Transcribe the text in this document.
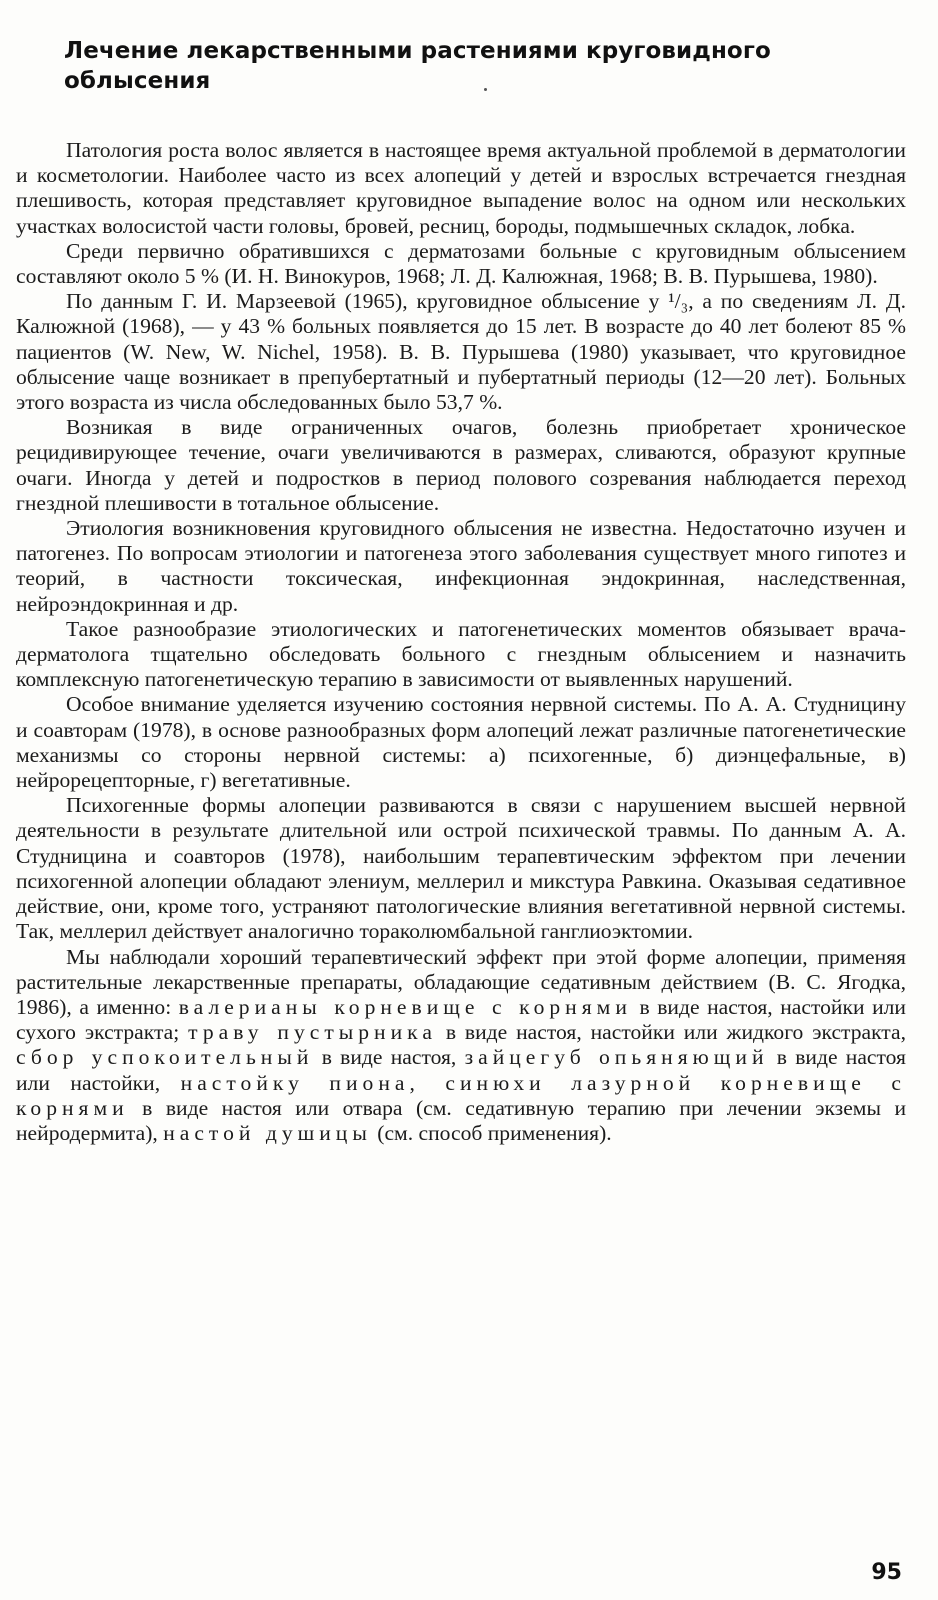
Лечение лекарственными растениями круговидного облысения

Патология роста волос является в настоящее время актуальной проблемой в дерматологии и косметологии. Наиболее часто из всех алопеций у детей и взрослых встречается гнездная плешивость, которая представляет круговидное выпадение волос на одном или нескольких участках волосистой части головы, бровей, ресниц, бороды, подмышечных складок, лобка.

Среди первично обратившихся с дерматозами больные с круговидным облысением составляют около 5 % (И. Н. Винокуров, 1968; Л. Д. Калюжная, 1968; В. В. Пурышева, 1980).

По данным Г. И. Марзеевой (1965), круговидное облысение у ¹/₃, а по сведениям Л. Д. Калюжной (1968), — у 43 % больных появляется до 15 лет. В возрасте до 40 лет болеют 85 % пациентов (W. New, W. Nichel, 1958). В. В. Пурышева (1980) указывает, что круговидное облысение чаще возникает в препубертатный и пубертатный периоды (12—20 лет). Больных этого возраста из числа обследованных было 53,7 %.

Возникая в виде ограниченных очагов, болезнь приобретает хроническое рецидивирующее течение, очаги увеличиваются в размерах, сливаются, образуют крупные очаги. Иногда у детей и подростков в период полового созревания наблюдается переход гнездной плешивости в тотальное облысение.

Этиология возникновения круговидного облысения не известна. Недостаточно изучен и патогенез. По вопросам этиологии и патогенеза этого заболевания существует много гипотез и теорий, в частности токсическая, инфекционная эндокринная, наследственная, нейроэндокринная и др.

Такое разнообразие этиологических и патогенетических моментов обязывает врача-дерматолога тщательно обследовать больного с гнездным облысением и назначить комплексную патогенетическую терапию в зависимости от выявленных нарушений.

Особое внимание уделяется изучению состояния нервной системы. По А. А. Студницину и соавторам (1978), в основе разнообразных форм алопеций лежат различные патогенетические механизмы со стороны нервной системы: а) психогенные, б) диэнцефальные, в) нейрорецепторные, г) вегетативные.

Психогенные формы алопеции развиваются в связи с нарушением высшей нервной деятельности в результате длительной или острой психической травмы. По данным А. А. Студницина и соавторов (1978), наибольшим терапевтическим эффектом при лечении психогенной алопеции обладают элениум, меллерил и микстура Равкина. Оказывая седативное действие, они, кроме того, устраняют патологические влияния вегетативной нервной системы. Так, меллерил действует аналогично тораколюмбальной ганглиоэктомии.

Мы наблюдали хороший терапевтический эффект при этой форме алопеции, применяя растительные лекарственные препараты, обладающие седативным действием (В. С. Ягодка, 1986), а именно: валерианы корневище с корнями в виде настоя, настойки или сухого экстракта; траву пустырника в виде настоя, настойки или жидкого экстракта, сбор успокоительный в виде настоя, зайцегуб опьяняющий в виде настоя или настойки, настойку пиона, синюхи лазурной корневище с корнями в виде настоя или отвара (см. седативную терапию при лечении экземы и нейродермита), настой душицы (см. способ применения).

95
